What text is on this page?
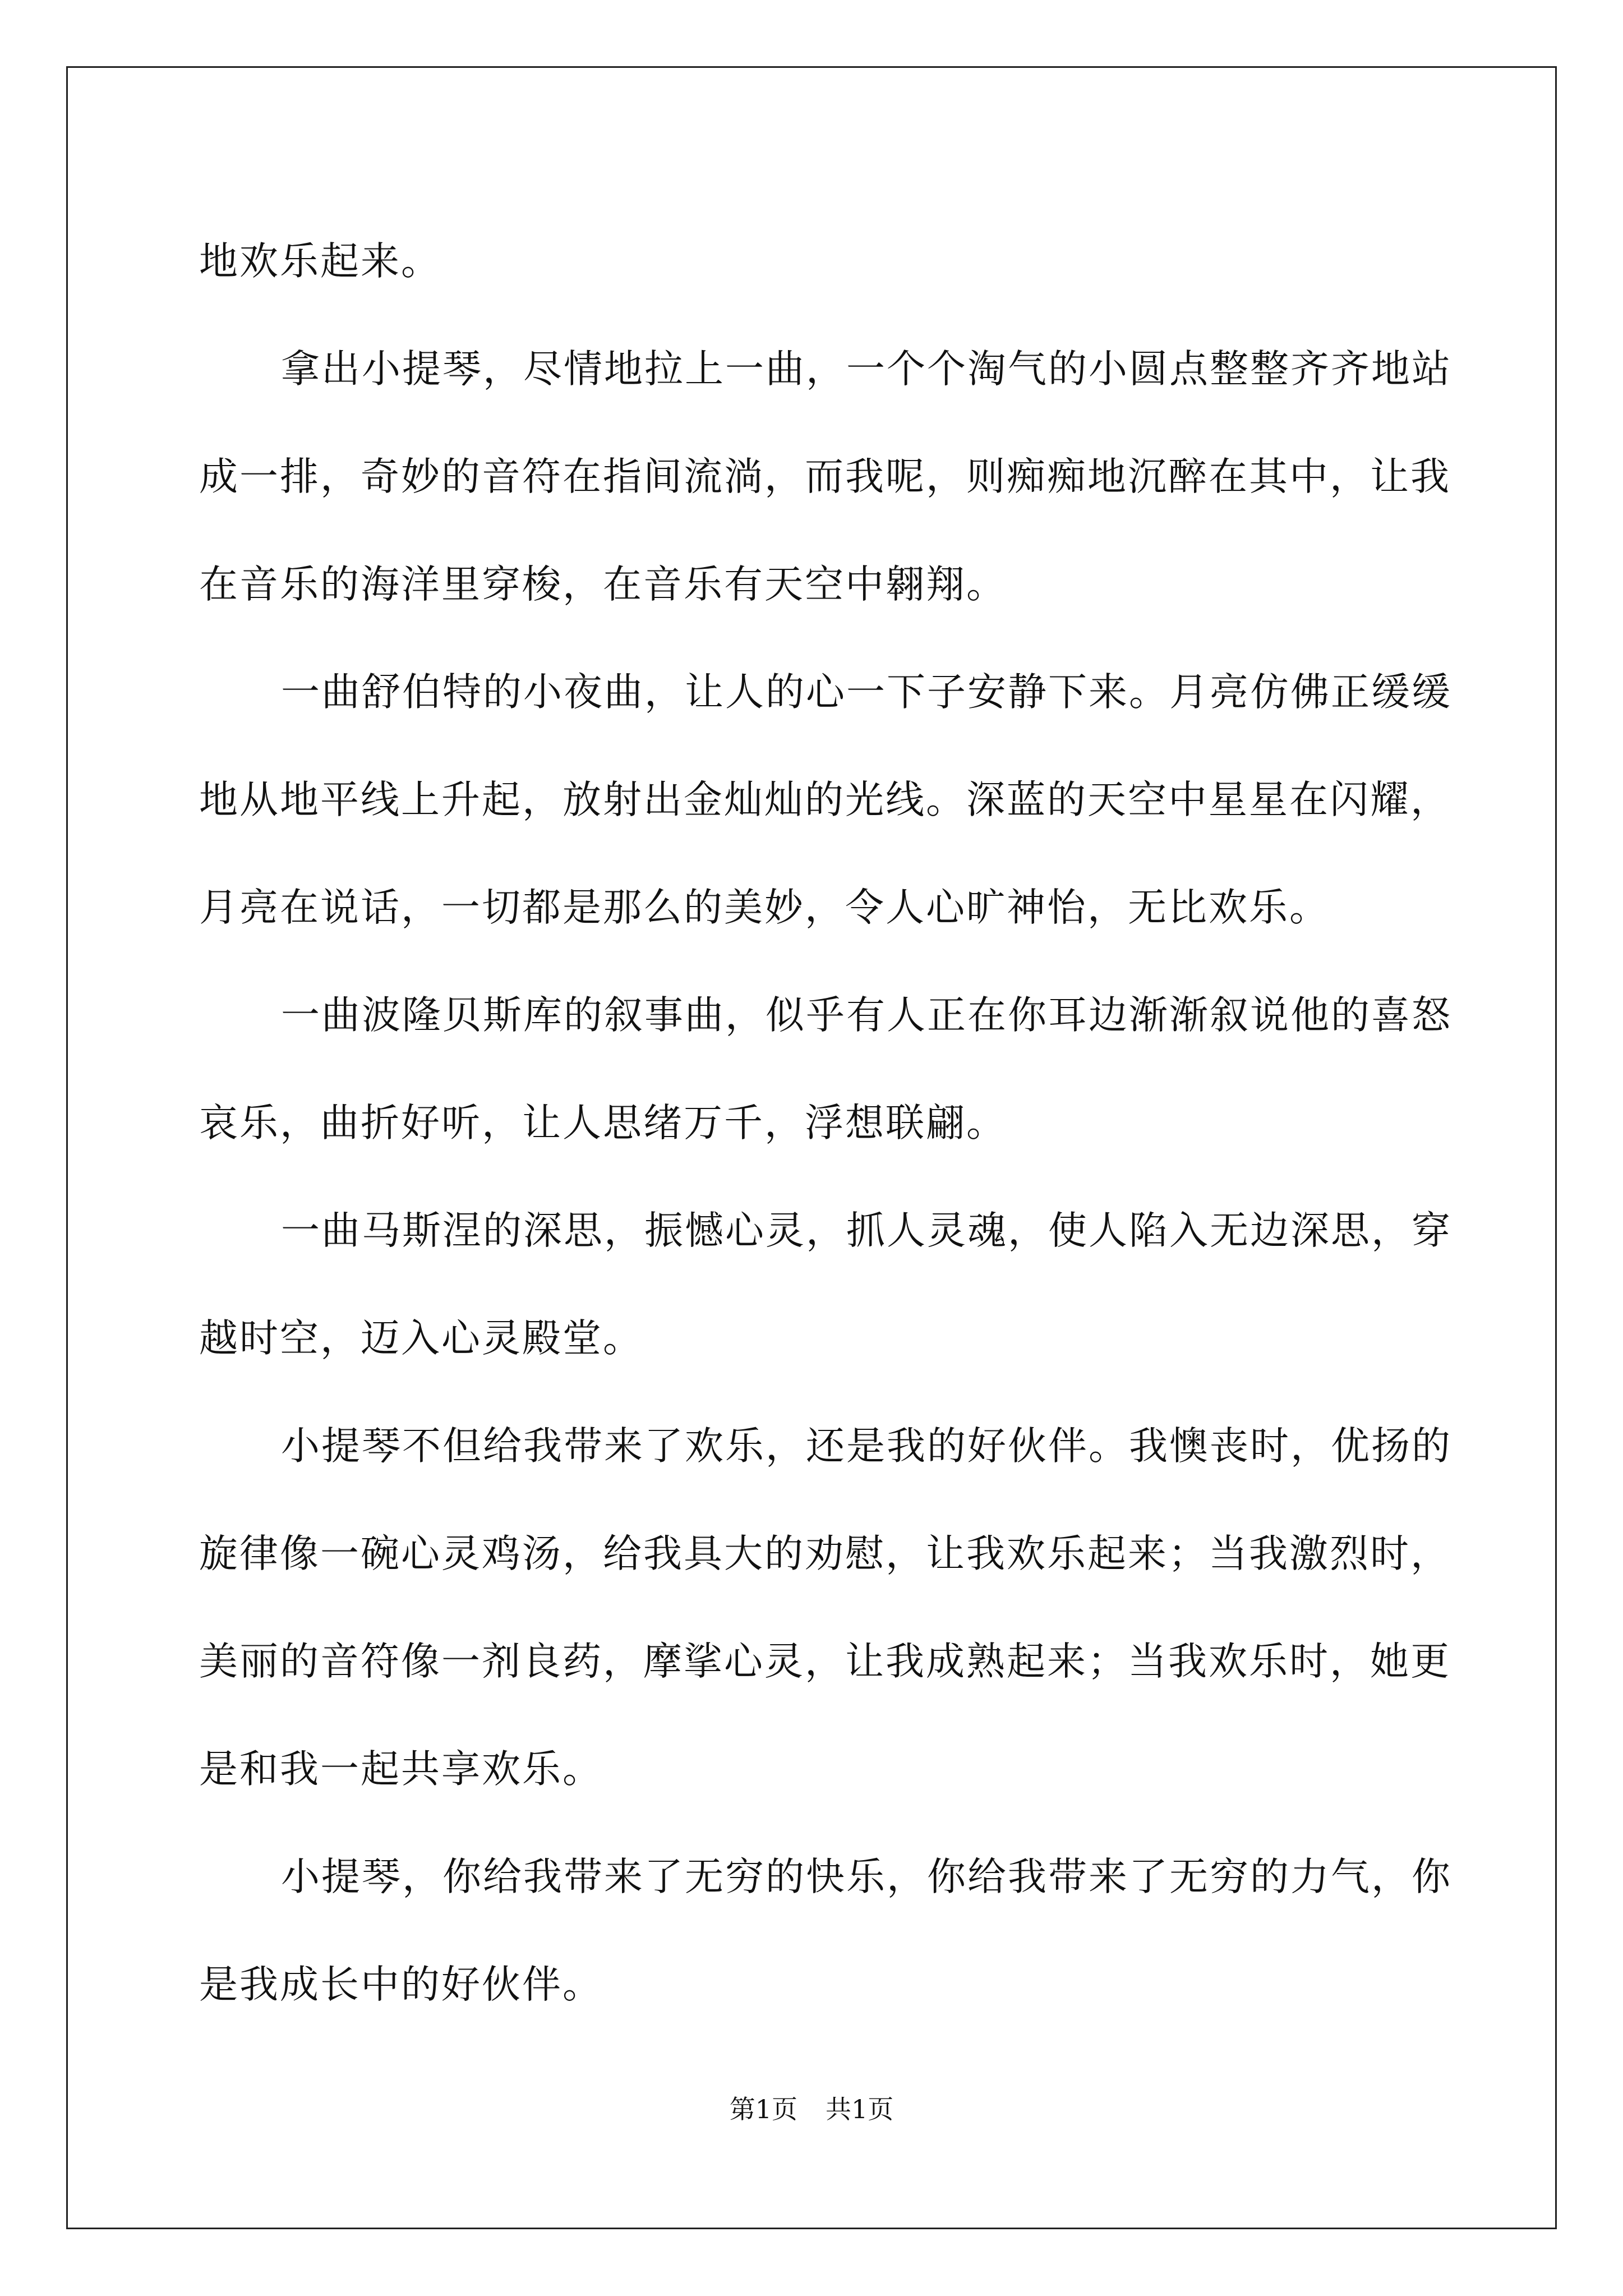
地欢乐起来。

拿出小提琴，尽情地拉上一曲，一个个淘气的小圆点整整齐齐地站成一排，奇妙的音符在指间流淌，而我呢，则痴痴地沉醉在其中，让我在音乐的海洋里穿梭，在音乐有天空中翱翔。

一曲舒伯特的小夜曲，让人的心一下子安静下来。月亮仿佛正缓缓地从地平线上升起，放射出金灿灿的光线。深蓝的天空中星星在闪耀，月亮在说话，一切都是那么的美妙，令人心旷神怡，无比欢乐。

一曲波隆贝斯库的叙事曲，似乎有人正在你耳边渐渐叙说他的喜怒哀乐，曲折好听，让人思绪万千，浮想联翩。

一曲马斯涅的深思，振憾心灵，抓人灵魂，使人陷入无边深思，穿越时空，迈入心灵殿堂。

小提琴不但给我带来了欢乐，还是我的好伙伴。我懊丧时，优扬的旋律像一碗心灵鸡汤，给我具大的劝慰，让我欢乐起来；当我激烈时，美丽的音符像一剂良药，摩挲心灵，让我成熟起来；当我欢乐时，她更是和我一起共享欢乐。

小提琴，你给我带来了无穷的快乐，你给我带来了无穷的力气，你是我成长中的好伙伴。

第1页 共1页
